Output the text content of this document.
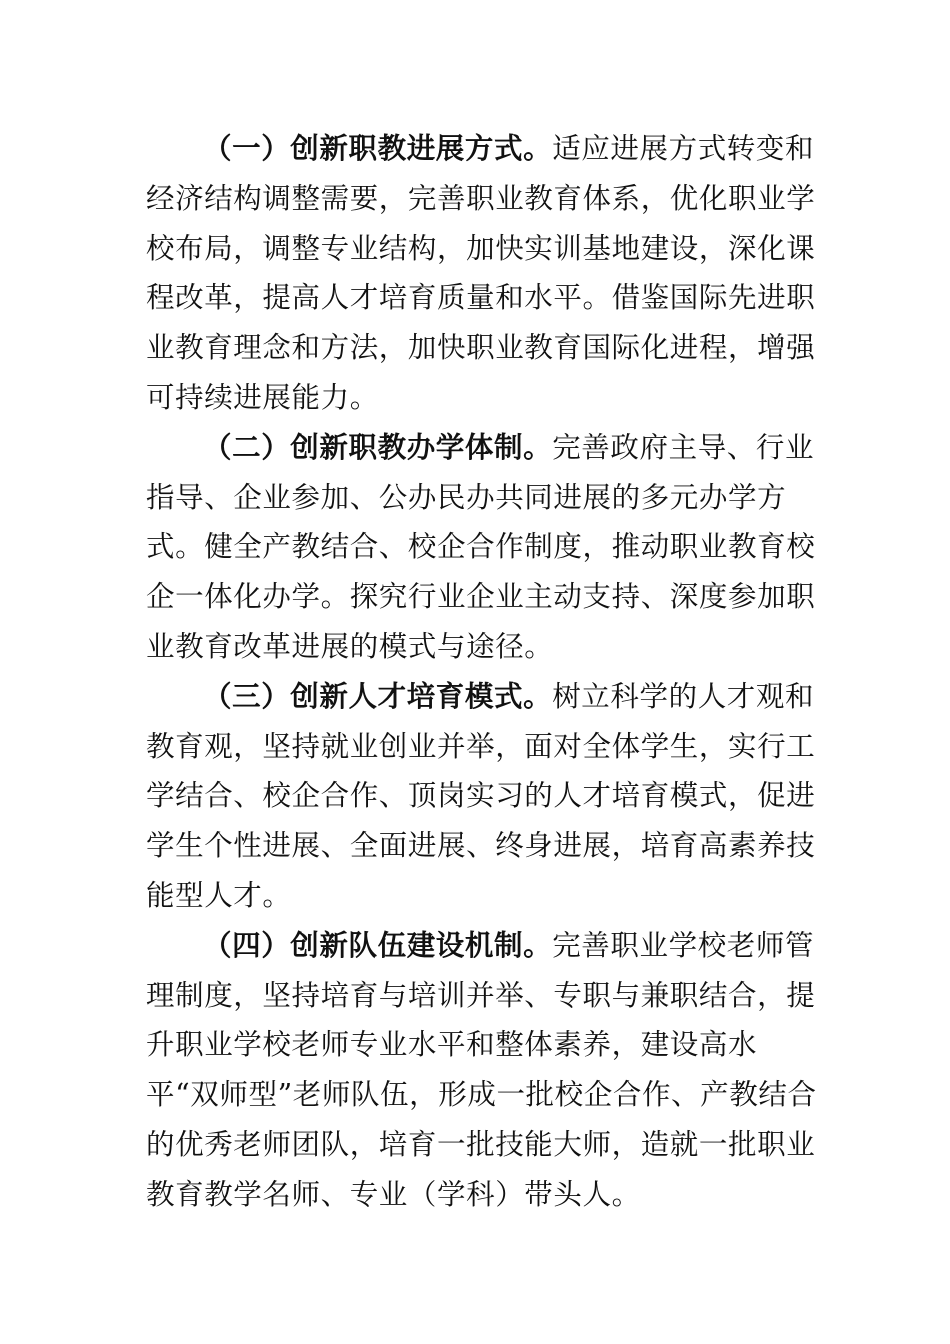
（一）创新职教进展方式。适应进展方式转变和经济结构调整需要，完善职业教育体系，优化职业学校布局，调整专业结构，加快实训基地建设，深化课程改革，提高人才培育质量和水平。借鉴国际先进职业教育理念和方法，加快职业教育国际化进程，增强可持续进展能力。

（二）创新职教办学体制。完善政府主导、行业指导、企业参加、公办民办共同进展的多元办学方式。健全产教结合、校企合作制度，推动职业教育校企一体化办学。探究行业企业主动支持、深度参加职业教育改革进展的模式与途径。

（三）创新人才培育模式。树立科学的人才观和教育观，坚持就业创业并举，面对全体学生，实行工学结合、校企合作、顶岗实习的人才培育模式，促进学生个性进展、全面进展、终身进展，培育高素养技能型人才。

（四）创新队伍建设机制。完善职业学校老师管理制度，坚持培育与培训并举、专职与兼职结合，提升职业学校老师专业水平和整体素养，建设高水平“双师型”老师队伍，形成一批校企合作、产教结合的优秀老师团队，培育一批技能大师，造就一批职业教育教学名师、专业（学科）带头人。
